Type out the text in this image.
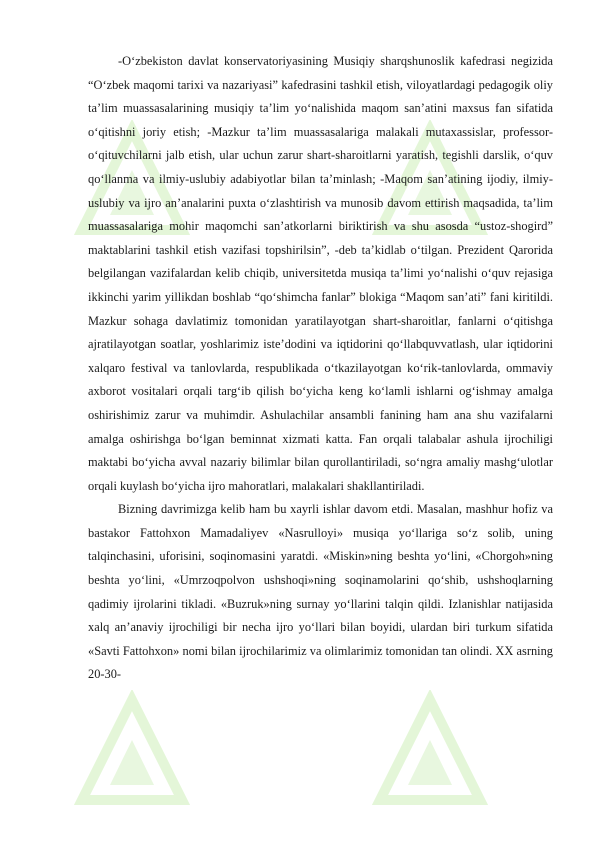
-O‘zbekiston davlat konservatoriyasining Musiqiy sharqshunoslik kafedrasi negizida “O‘zbek maqomi tarixi va nazariyasi” kafedrasini tashkil etish, viloyatlardagi pedagogik oliy ta’lim muassasalarining musiqiy ta’lim yo‘nalishida maqom san’atini maxsus fan sifatida o‘qitishni joriy etish; -Mazkur ta’lim muassasalariga malakali mutaxassislar, professor-o‘qituvchilarni jalb etish, ular uchun zarur shart-sharoitlarni yaratish, tegishli darslik, o‘quv qo‘llanma va ilmiy-uslubiy adabiyotlar bilan ta’minlash; -Maqom san’atining ijodiy, ilmiy-uslubiy va ijro an’analarini puxta o‘zlashtirish va munosib davom ettirish maqsadida, ta’lim muassasalariga mohir maqomchi san’atkorlarni biriktirish va shu asosda “ustoz-shogird” maktablarini tashkil etish vazifasi topshirilsin”, -deb ta’kidlab o‘tilgan. Prezident Qarorida belgilangan vazifalardan kelib chiqib, universitetda musiqa ta’limi yo‘nalishi o‘quv rejasiga ikkinchi yarim yillikdan boshlab “qo‘shimcha fanlar” blokiga “Maqom san’ati” fani kiritildi. Mazkur sohaga davlatimiz tomonidan yaratilayotgan shart-sharoitlar, fanlarni o‘qitishga ajratilayotgan soatlar, yoshlarimiz iste’dodini va iqtidorini qo‘llabquvvatlash, ular iqtidorini xalqaro festival va tanlovlarda, respublikada o‘tkazilayotgan ko‘rik-tanlovlarda, ommaviy axborot vositalari orqali targ‘ib qilish bo‘yicha keng ko‘lamli ishlarni og‘ishmay amalga oshirishimiz zarur va muhimdir. Ashulachilar ansambli fanining ham ana shu vazifalarni amalga oshirishga bo‘lgan beminnat xizmati katta. Fan orqali talabalar ashula ijrochiligi maktabi bo‘yicha avval nazariy bilimlar bilan qurollantiriladi, so‘ngra amaliy mashg‘ulotlar orqali kuylash bo‘yicha ijro mahoratlari, malakalari shakllantiriladi.

Bizning davrimizga kelib ham bu xayrli ishlar davom etdi. Masalan, mashhur hofiz va bastakor Fattohxon Mamadaliyev «Nasrulloyi» musiqa yo‘llariga so‘z solib, uning talqinchasini, uforisini, soqinomasini yaratdi. «Miskin»ning beshta yo‘lini, «Chorgoh»ning beshta yo‘lini, «Umrzoqpolvon ushshoqi»ning soqinamolarini qo‘shib, ushshoqlarning qadimiy ijrolarini tikladi. «Buzruk»ning surnay yo‘llarini talqin qildi. Izlanishlar natijasida xalq an’anaviy ijrochiligi bir necha ijro yo‘llari bilan boyidi, ulardan biri turkum sifatida «Savti Fattohxon» nomi bilan ijrochilarimiz va olimlarimiz tomonidan tan olindi. XX asrning 20-30-
